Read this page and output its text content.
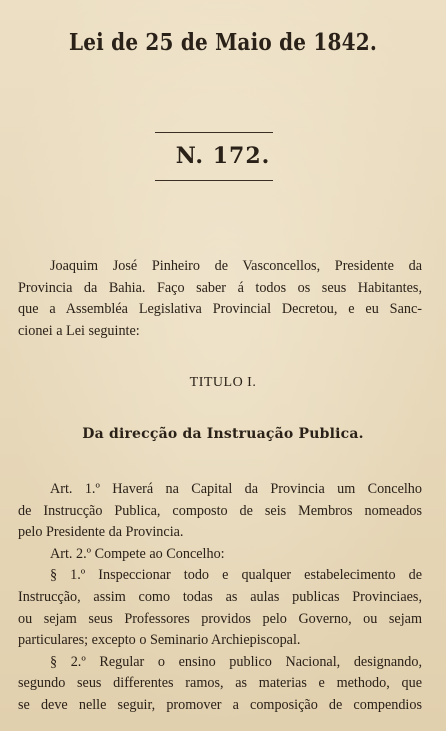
Lei de 25 de Maio de 1842.
N. 172.
Joaquim José Pinheiro de Vasconcellos, Presidente da
Provincia da Bahia. Faço saber á todos os seus Habitantes,
que a Assembléa Legislativa Provincial Decretou, e eu Sanc-
cionei a Lei seguinte:
TITULO I.
Da direcção da Instruação Publica.
Art. 1.º Haverá na Capital da Provincia um Concelho
de Instrucção Publica, composto de seis Membros nomeados
pelo Presidente da Provincia.
Art. 2.º Compete ao Concelho:
§ 1.º Inspeccionar todo e qualquer estabelecimento de
Instrucção, assim como todas as aulas publicas Provinciaes,
ou sejam seus Professores providos pelo Governo, ou sejam
particulares; excepto o Seminario Archiepiscopal.
§ 2.º Regular o ensino publico Nacional, designando,
segundo seus differentes ramos, as materias e methodo, que
se deve nelle seguir, promover a composição de compendios
